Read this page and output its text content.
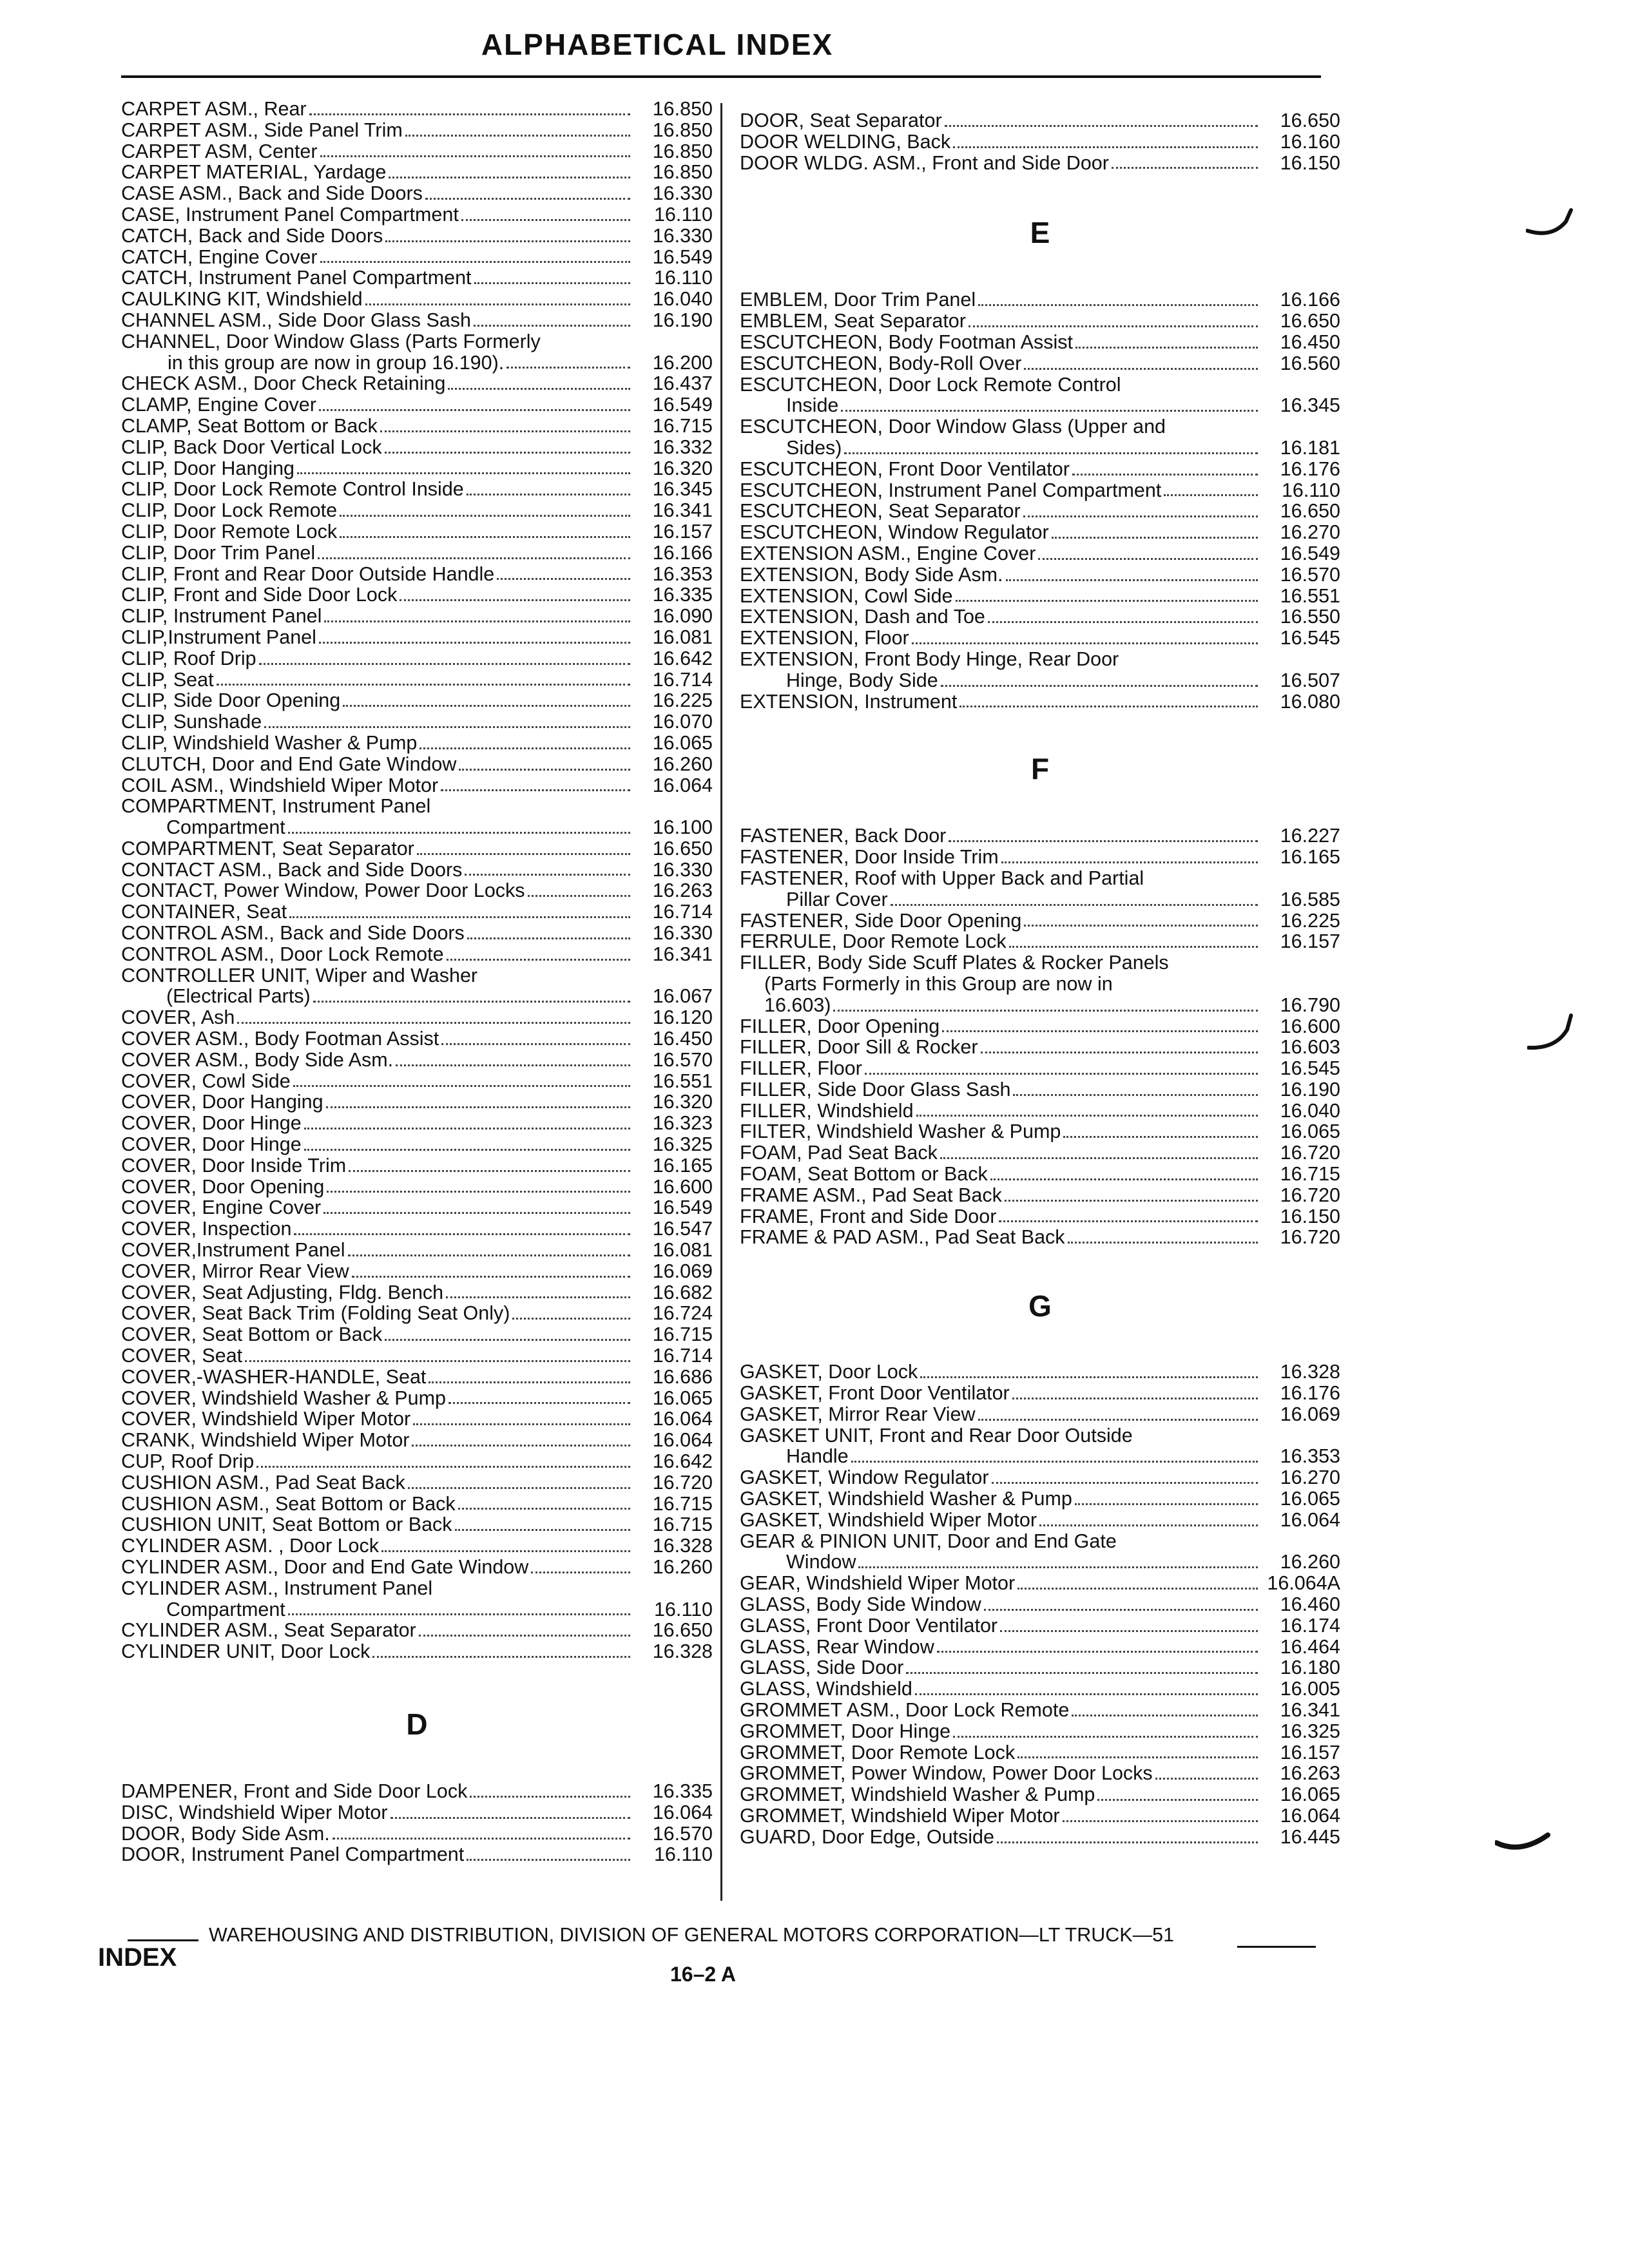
ALPHABETICAL INDEX
CARPET ASM., Rear	16.850
CARPET ASM., Side Panel Trim	16.850
CARPET ASM, Center	16.850
CARPET MATERIAL, Yardage	16.850
CASE ASM., Back and Side Doors	16.330
CASE, Instrument Panel Compartment	16.110
CATCH, Back and Side Doors	16.330
CATCH, Engine Cover	16.549
CATCH, Instrument Panel Compartment	16.110
CAULKING KIT, Windshield	16.040
CHANNEL ASM., Side Door Glass Sash	16.190
CHANNEL, Door Window Glass (Parts Formerly
in this group are now in group 16.190).	16.200
CHECK ASM., Door Check Retaining	16.437
CLAMP, Engine Cover	16.549
CLAMP, Seat Bottom or Back	16.715
CLIP, Back Door Vertical Lock	16.332
CLIP, Door Hanging	16.320
CLIP, Door Lock Remote Control Inside	16.345
CLIP, Door Lock Remote	16.341
CLIP, Door Remote Lock	16.157
CLIP, Door Trim Panel	16.166
CLIP, Front and Rear Door Outside Handle	16.353
CLIP, Front and Side Door Lock	16.335
CLIP, Instrument Panel	16.090
CLIP,Instrument Panel	16.081
CLIP, Roof Drip	16.642
CLIP, Seat	16.714
CLIP, Side Door Opening	16.225
CLIP, Sunshade	16.070
CLIP, Windshield Washer & Pump	16.065
CLUTCH, Door and End Gate Window	16.260
COIL ASM., Windshield Wiper Motor	16.064
COMPARTMENT, Instrument Panel
Compartment	16.100
COMPARTMENT, Seat Separator	16.650
CONTACT ASM., Back and Side Doors	16.330
CONTACT, Power Window, Power Door Locks	16.263
CONTAINER, Seat	16.714
CONTROL ASM., Back and Side Doors	16.330
CONTROL ASM., Door Lock Remote	16.341
CONTROLLER UNIT, Wiper and Washer
(Electrical Parts)	16.067
COVER, Ash	16.120
COVER ASM., Body Footman Assist	16.450
COVER ASM., Body Side Asm.	16.570
COVER, Cowl Side	16.551
COVER, Door Hanging	16.320
COVER, Door Hinge	16.323
COVER, Door Hinge	16.325
COVER, Door Inside Trim	16.165
COVER, Door Opening	16.600
COVER, Engine Cover	16.549
COVER, Inspection	16.547
COVER,Instrument Panel	16.081
COVER, Mirror Rear View	16.069
COVER, Seat Adjusting, Fldg. Bench	16.682
COVER, Seat Back Trim (Folding Seat Only)	16.724
COVER, Seat Bottom or Back	16.715
COVER, Seat	16.714
COVER,-WASHER-HANDLE, Seat	16.686
COVER, Windshield Washer & Pump	16.065
COVER, Windshield Wiper Motor	16.064
CRANK, Windshield Wiper Motor	16.064
CUP, Roof Drip	16.642
CUSHION ASM., Pad Seat Back	16.720
CUSHION ASM., Seat Bottom or Back	16.715
CUSHION UNIT, Seat Bottom or Back	16.715
CYLINDER ASM. , Door Lock	16.328
CYLINDER ASM., Door and End Gate Window	16.260
CYLINDER ASM., Instrument Panel
Compartment	16.110
CYLINDER ASM., Seat Separator	16.650
CYLINDER UNIT, Door Lock	16.328
D
DAMPENER, Front and Side Door Lock	16.335
DISC, Windshield Wiper Motor	16.064
DOOR, Body Side Asm.	16.570
DOOR, Instrument Panel Compartment	16.110
DOOR, Seat Separator	16.650
DOOR WELDING, Back	16.160
DOOR WLDG. ASM., Front and Side Door	16.150
E
EMBLEM, Door Trim Panel	16.166
EMBLEM, Seat Separator	16.650
ESCUTCHEON, Body Footman Assist	16.450
ESCUTCHEON, Body-Roll Over	16.560
ESCUTCHEON, Door Lock Remote Control
Inside	16.345
ESCUTCHEON, Door Window Glass (Upper and
Sides)	16.181
ESCUTCHEON, Front Door Ventilator	16.176
ESCUTCHEON, Instrument Panel Compartment	16.110
ESCUTCHEON, Seat Separator	16.650
ESCUTCHEON, Window Regulator	16.270
EXTENSION ASM., Engine Cover	16.549
EXTENSION, Body Side Asm.	16.570
EXTENSION, Cowl Side	16.551
EXTENSION, Dash and Toe	16.550
EXTENSION, Floor	16.545
EXTENSION, Front Body Hinge, Rear Door
Hinge, Body Side	16.507
EXTENSION, Instrument	16.080
F
FASTENER, Back Door	16.227
FASTENER, Door Inside Trim	16.165
FASTENER, Roof with Upper Back and Partial
Pillar Cover	16.585
FASTENER, Side Door Opening	16.225
FERRULE, Door Remote Lock	16.157
FILLER, Body Side Scuff Plates & Rocker Panels
(Parts Formerly in this Group are now in
16.603)	16.790
FILLER, Door Opening	16.600
FILLER, Door Sill & Rocker	16.603
FILLER, Floor	16.545
FILLER, Side Door Glass Sash	16.190
FILLER, Windshield	16.040
FILTER, Windshield Washer & Pump	16.065
FOAM, Pad Seat Back	16.720
FOAM, Seat Bottom or Back	16.715
FRAME ASM., Pad Seat Back	16.720
FRAME, Front and Side Door	16.150
FRAME & PAD ASM., Pad Seat Back	16.720
G
GASKET, Door Lock	16.328
GASKET, Front Door Ventilator	16.176
GASKET, Mirror Rear View	16.069
GASKET UNIT, Front and Rear Door Outside
Handle	16.353
GASKET, Window Regulator	16.270
GASKET, Windshield Washer & Pump	16.065
GASKET, Windshield Wiper Motor	16.064
GEAR & PINION UNIT, Door and End Gate
Window	16.260
GEAR, Windshield Wiper Motor	16.064A
GLASS, Body Side Window	16.460
GLASS, Front Door Ventilator	16.174
GLASS, Rear Window	16.464
GLASS, Side Door	16.180
GLASS, Windshield	16.005
GROMMET ASM., Door Lock Remote	16.341
GROMMET, Door Hinge	16.325
GROMMET, Door Remote Lock	16.157
GROMMET, Power Window, Power Door Locks	16.263
GROMMET, Windshield Washer & Pump	16.065
GROMMET, Windshield Wiper Motor	16.064
GUARD, Door Edge, Outside	16.445
WAREHOUSING AND DISTRIBUTION, DIVISION OF GENERAL MOTORS CORPORATION—LT TRUCK—51
INDEX
16–2 A
